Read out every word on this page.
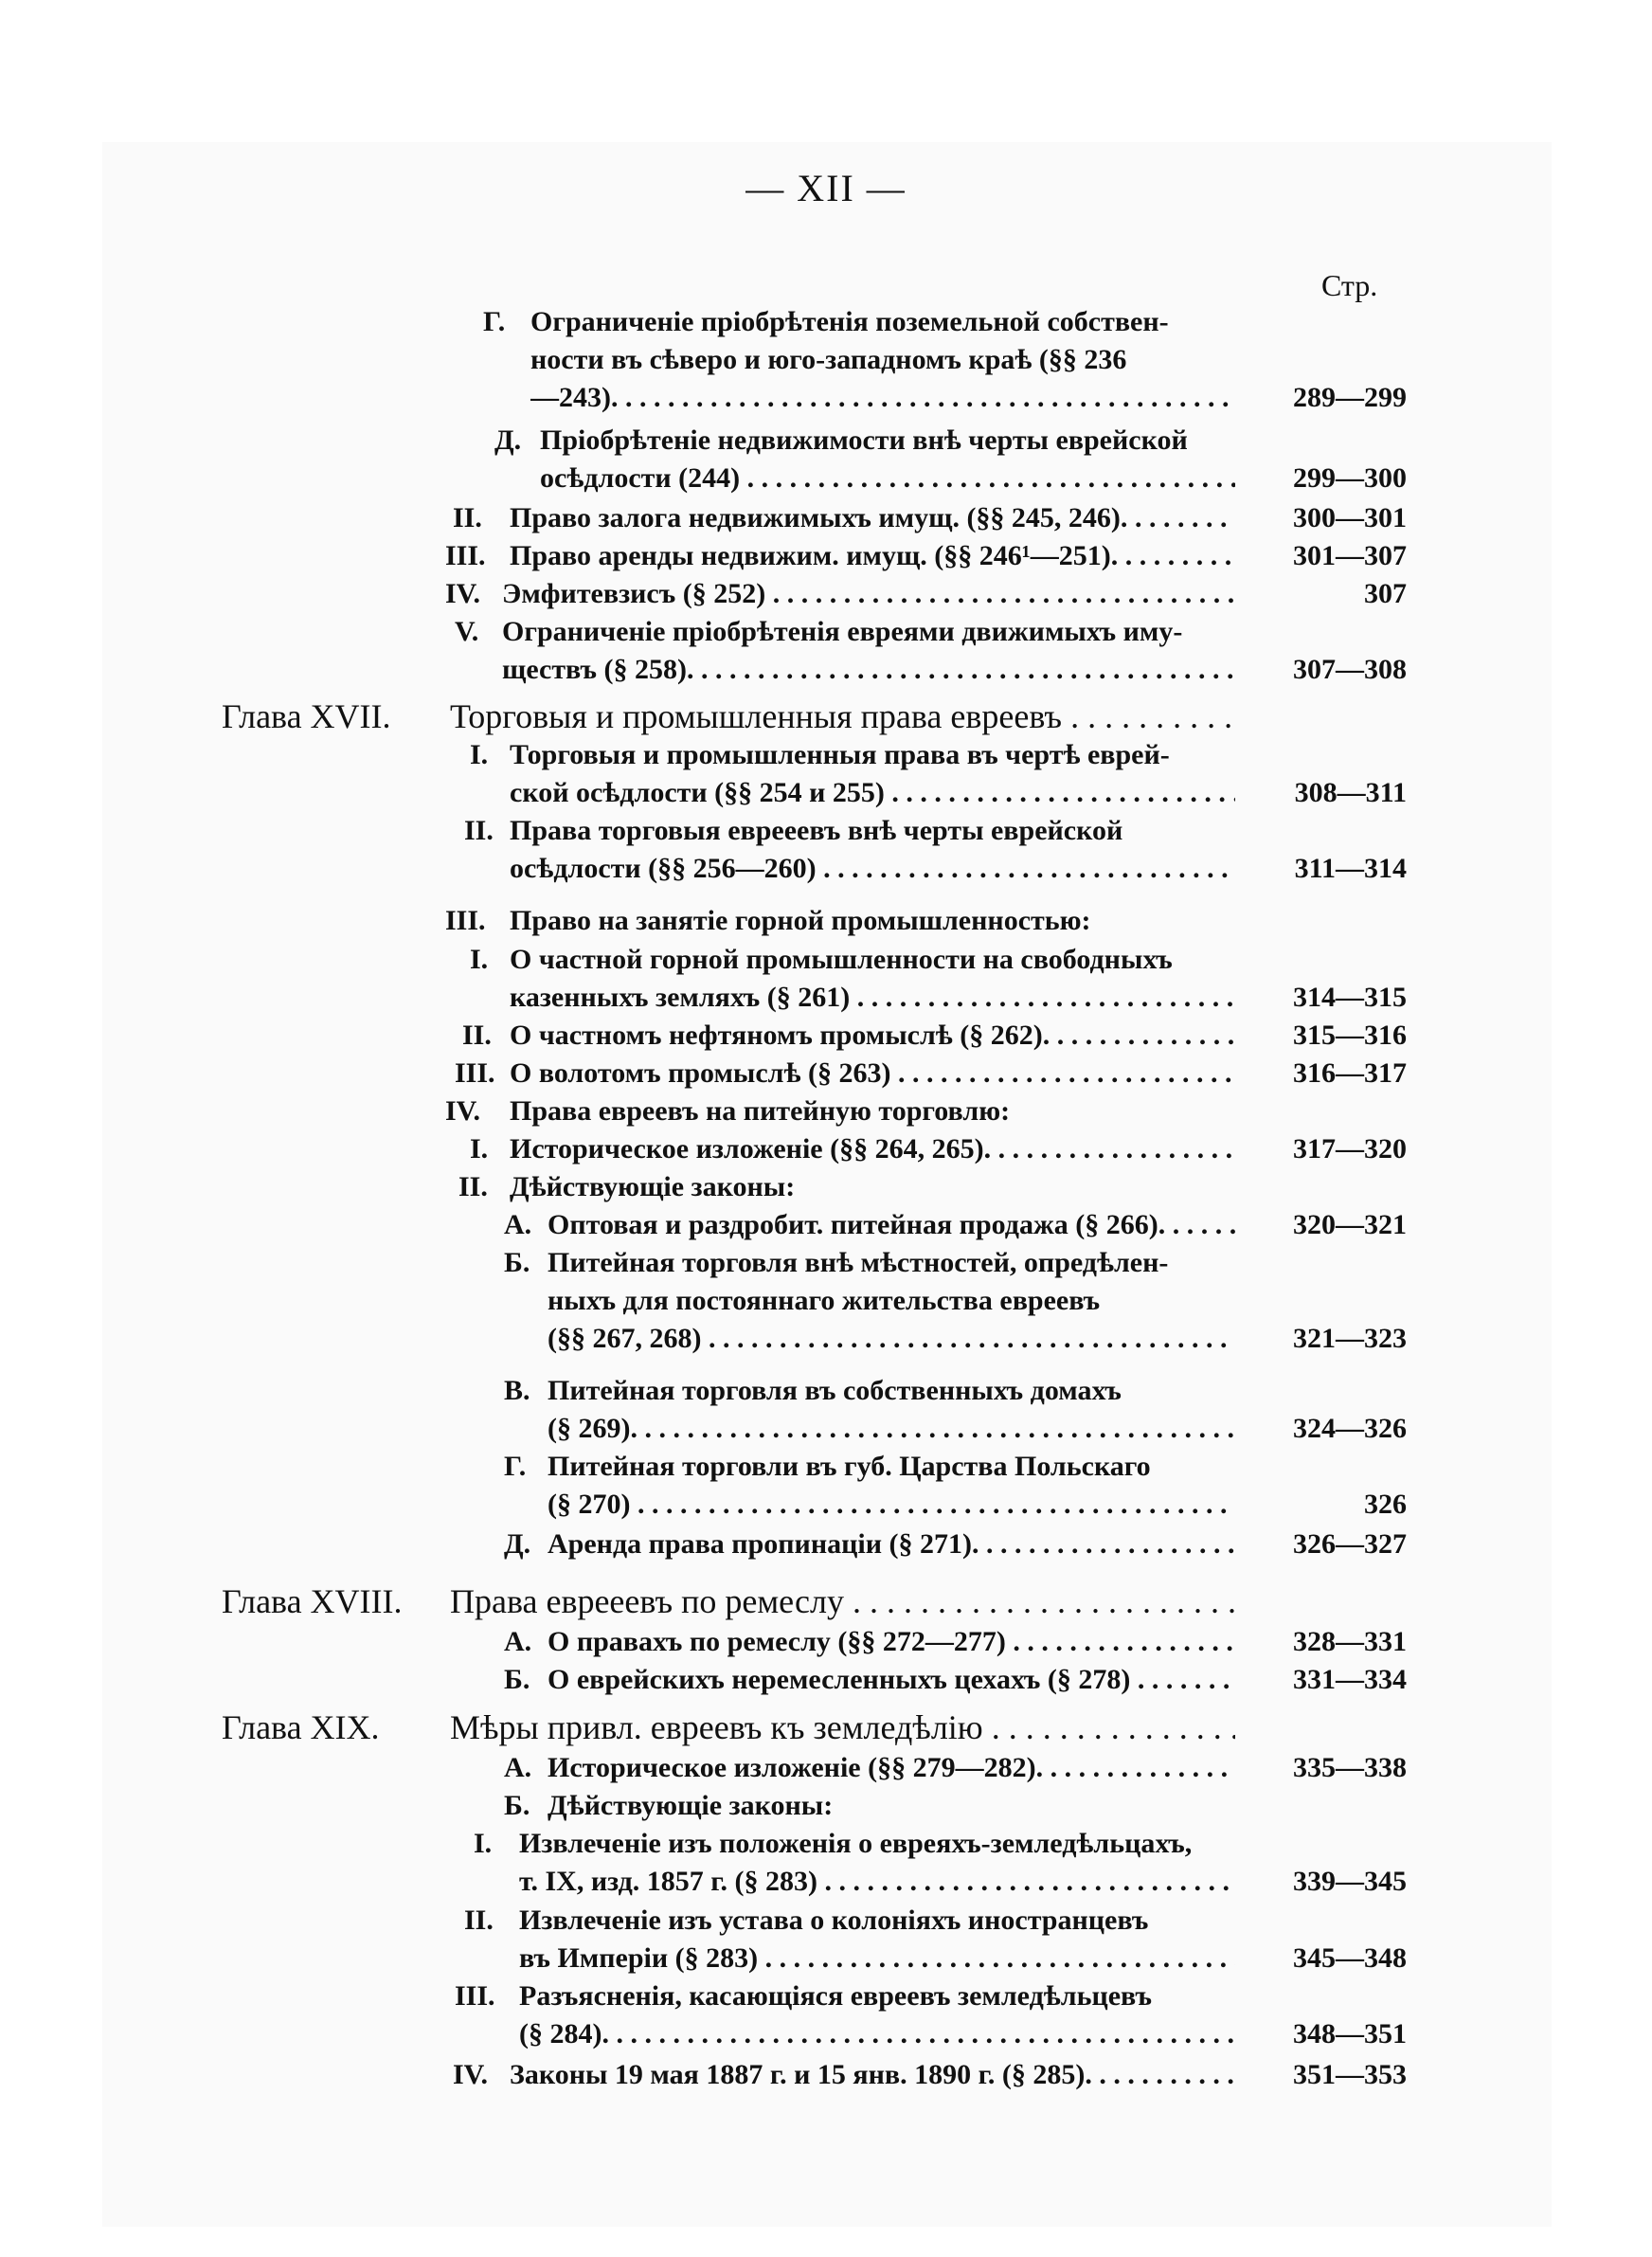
— XII —
Стр.
Г. Ограниченіе пріобрѣтенія поземельной собствен-
ности въ сѣверо и юго-западномъ краѣ (§§ 236
—243). . . .	289—299
Д. Пріобрѣтеніе недвижимости внѣ черты еврейской
осѣдлости (244) . . .	299—300
II. Право залога недвижимыхъ имущ. (§§ 245, 246). . . .	300—301
III. Право аренды недвижим. имущ. (§§ 246¹—251). . . .	301—307
IV. Эмфитевзисъ (§ 252) . . .	307
V. Ограниченіе пріобрѣтенія евреями движимыхъ иму-
ществъ (§ 258). . . .	307—308
Глава XVII. Торговыя и промышленныя права евреевъ . . .
I. Торговыя и промышленныя права въ чертѣ еврей-
ской осѣдлости (§§ 254 и 255) . . .	308—311
II. Права торговыя еврееевъ внѣ черты еврейской
осѣдлости (§§ 256—260) . . .	311—314
III. Право на занятіе горной промышленностью:
I. О частной горной промышленности на свободныхъ
казенныхъ земляхъ (§ 261) . . .	314—315
II. О частномъ нефтяномъ промыслѣ (§ 262). . . .	315—316
III. О волотомъ промыслѣ (§ 263) . . .	316—317
IV. Права евреевъ на питейную торговлю:
I. Историческое изложеніе (§§ 264, 265). . . .	317—320
II. Дѣйствующіе законы:
А. Оптовая и раздробит. питейная продажа (§ 266). . . .	320—321
Б. Питейная торговля внѣ мѣстностей, опредѣлен-
ныхъ для постояннаго жительства евреевъ
(§§ 267, 268) . . .	321—323
В. Питейная торговля въ собственныхъ домахъ
(§ 269). . . .	324—326
Г. Питейная торговли въ губ. Царства Польскаго
(§ 270) . . .	326
Д. Аренда права пропинаціи (§ 271). . . .	326—327
Глава XVIII. Права еврееевъ по ремеслу . . .
А. О правахъ по ремеслу (§§ 272—277) . . .	328—331
Б. О еврейскихъ неремесленныхъ цехахъ (§ 278) . . .	331—334
Глава XIX. Мѣры привл. евреевъ къ земледѣлію . . .
А. Историческое изложеніе (§§ 279—282). . . .	335—338
Б. Дѣйствующіе законы:
I. Извлеченіе изъ положенія о евреяхъ-земледѣльцахъ,
т. IX, изд. 1857 г. (§ 283) . . .	339—345
II. Извлеченіе изъ устава о колоніяхъ иностранцевъ
въ Имперіи (§ 283) . . .	345—348
III. Разъясненія, касающіяся евреевъ земледѣльцевъ
(§ 284). . . .	348—351
IV. Законы 19 мая 1887 г. и 15 янв. 1890 г. (§ 285). . . .	351—353
